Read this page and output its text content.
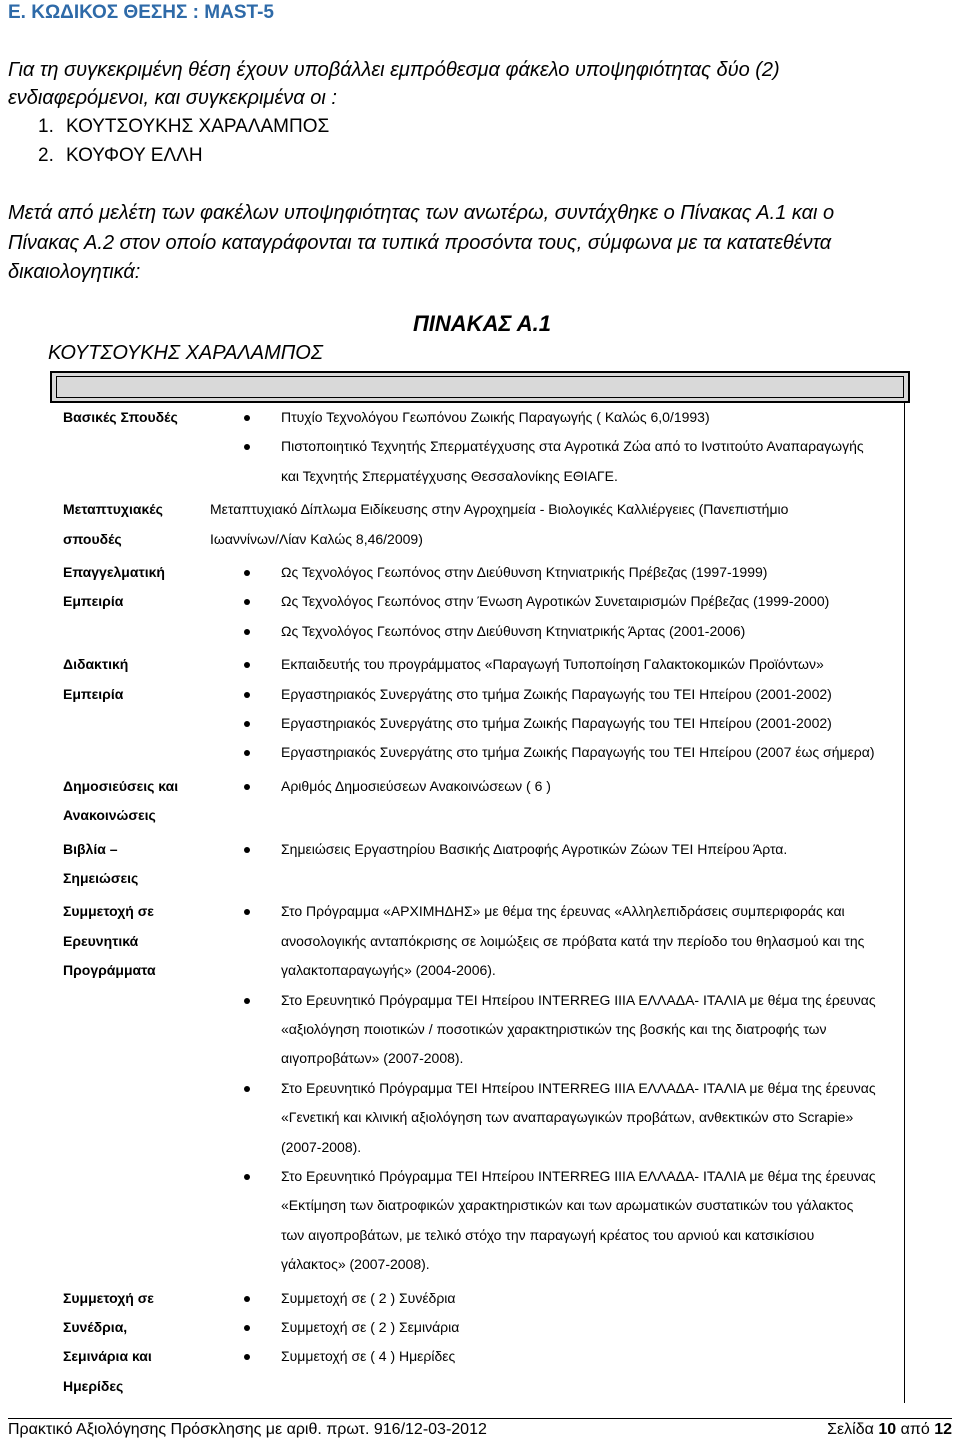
Ε. ΚΩΔΙΚΟΣ ΘΕΣΗΣ : MAST-5
Για τη συγκεκριμένη θέση έχουν υποβάλλει εμπρόθεσμα φάκελο υποψηφιότητας δύο (2)
ενδιαφερόμενοι, και συγκεκριμένα οι :
1. ΚΟΥΤΣΟΥΚΗΣ ΧΑΡΑΛΑΜΠΟΣ
2. ΚΟΥΦΟΥ ΕΛΛΗ
Μετά από μελέτη των φακέλων υποψηφιότητας των ανωτέρω, συντάχθηκε ο Πίνακας Α.1 και ο
Πίνακας Α.2 στον οποίο καταγράφονται τα τυπικά προσόντα τους, σύμφωνα με τα κατατεθέντα
δικαιολογητικά:
ΠΙΝΑΚΑΣ Α.1
ΚΟΥΤΣΟΥΚΗΣ ΧΑΡΑΛΑΜΠΟΣ
Πτυχίο Τεχνολόγου Γεωπόνου Ζωικής Παραγωγής ( Καλώς 6,0/1993)
Πιστοποιητικό Τεχνητής Σπερματέγχυσης στα Αγροτικά Ζώα από το Ινστιτούτο Αναπαραγωγής
και Τεχνητής Σπερματέγχυσης Θεσσαλονίκης ΕΘΙΑΓΕ.
Βασικές Σπουδές
Μεταπτυχιακό Δίπλωμα Ειδίκευσης στην Αγροχημεία - Βιολογικές Καλλιέργειες (Πανεπιστήμιο
Ιωαννίνων/Λίαν Καλώς 8,46/2009)
Μεταπτυχιακές
σπουδές
Ως Τεχνολόγος Γεωπόνος στην Διεύθυνση Κτηνιατρικής Πρέβεζας (1997-1999)
Ως Τεχνολόγος Γεωπόνος στην Ένωση Αγροτικών Συνεταιρισμών Πρέβεζας (1999-2000)
Ως Τεχνολόγος Γεωπόνος στην Διεύθυνση Κτηνιατρικής Άρτας (2001-2006)
Επαγγελματική
Εμπειρία
Εκπαιδευτής του προγράμματος «Παραγωγή Τυποποίηση Γαλακτοκομικών Προϊόντων»
Εργαστηριακός Συνεργάτης στο τμήμα Ζωικής Παραγωγής του ΤΕΙ Ηπείρου (2001-2002)
Εργαστηριακός Συνεργάτης στο τμήμα Ζωικής Παραγωγής του ΤΕΙ Ηπείρου (2001-2002)
Εργαστηριακός Συνεργάτης στο τμήμα Ζωικής Παραγωγής του ΤΕΙ Ηπείρου (2007 έως σήμερα)
Διδακτική
Εμπειρία
Αριθμός Δημοσιεύσεων Ανακοινώσεων ( 6 )
Δημοσιεύσεις και
Ανακοινώσεις
Σημειώσεις Εργαστηρίου Βασικής Διατροφής Αγροτικών Ζώων ΤΕΙ Ηπείρου Άρτα.
Βιβλία –
Σημειώσεις
Στο Πρόγραμμα «ΑΡΧΙΜΗΔΗΣ» με θέμα της έρευνας «Αλληλεπιδράσεις συμπεριφοράς και
ανοσολογικής ανταπόκρισης σε λοιμώξεις σε πρόβατα κατά την περίοδο του θηλασμού και της
γαλακτοπαραγωγής» (2004-2006).
Στο Ερευνητικό Πρόγραμμα ΤΕΙ Ηπείρου INTERREG IIIA ΕΛΛΑΔΑ- ΙΤΑΛΙΑ με θέμα της έρευνας
«αξιολόγηση ποιοτικών / ποσοτικών χαρακτηριστικών της βοσκής και της διατροφής των
αιγοπροβάτων» (2007-2008).
Στο Ερευνητικό Πρόγραμμα ΤΕΙ Ηπείρου INTERREG IIIA ΕΛΛΑΔΑ- ΙΤΑΛΙΑ με θέμα της έρευνας
«Γενετική και κλινική αξιολόγηση των αναπαραγωγικών προβάτων, ανθεκτικών στο Scrapie»
(2007-2008).
Στο Ερευνητικό Πρόγραμμα ΤΕΙ Ηπείρου INTERREG IIIA ΕΛΛΑΔΑ- ΙΤΑΛΙΑ με θέμα της έρευνας
«Εκτίμηση των διατροφικών χαρακτηριστικών και των αρωματικών συστατικών του γάλακτος
των αιγοπροβάτων, με τελικό στόχο την παραγωγή κρέατος του αρνιού και κατσικίσιου
γάλακτος» (2007-2008).
Συμμετοχή σε
Ερευνητικά
Προγράμματα
Συμμετοχή σε ( 2 ) Συνέδρια
Συμμετοχή σε ( 2 ) Σεμινάρια
Συμμετοχή σε ( 4 ) Ημερίδες
Συμμετοχή σε
Συνέδρια,
Σεμινάρια και
Ημερίδες
Πρακτικό Αξιολόγησης Πρόσκλησης με αριθ. πρωτ. 916/12-03-2012	Σελίδα 10 από 12
